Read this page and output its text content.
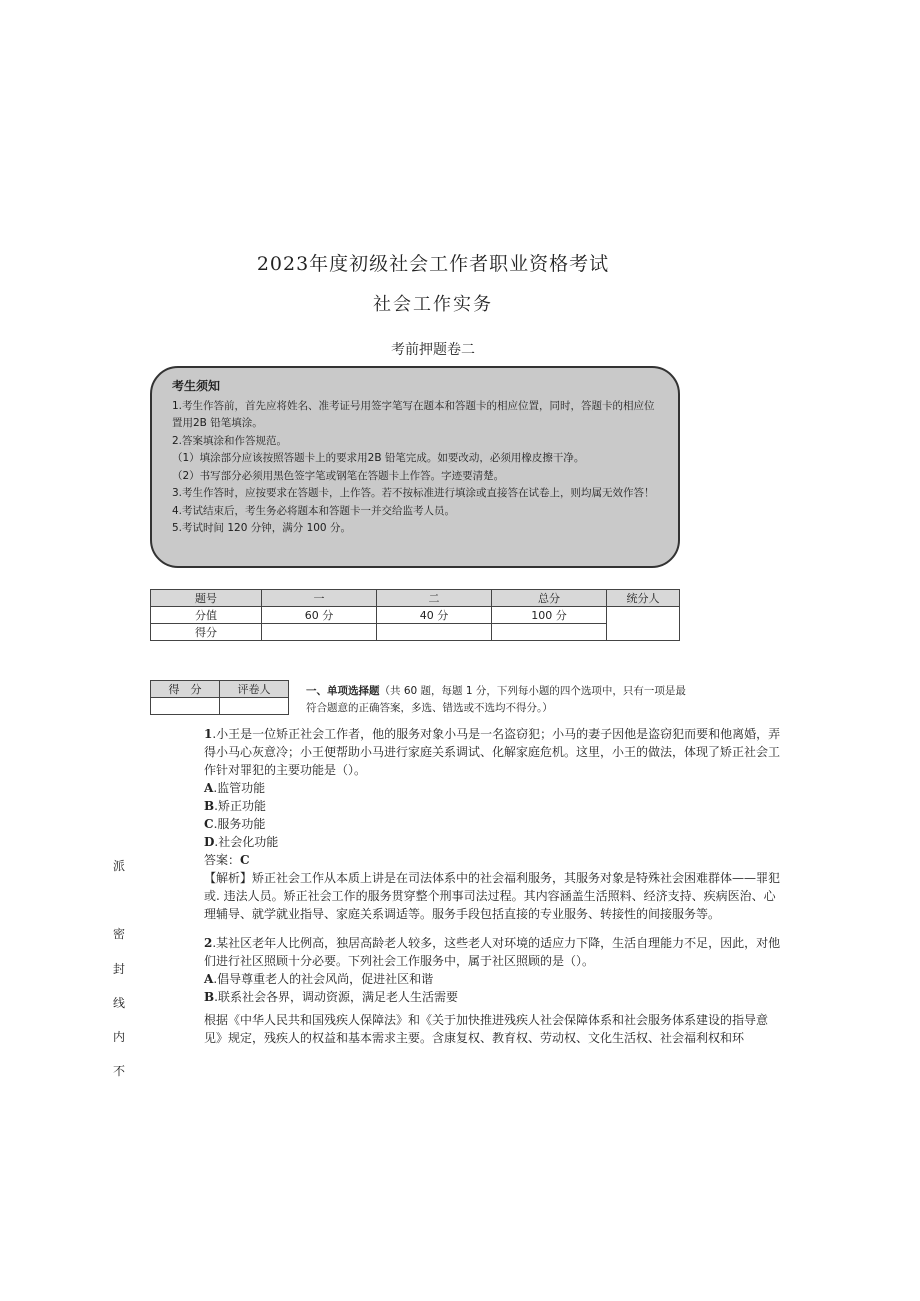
2023年度初级社会工作者职业资格考试
社会工作实务
考前押题卷二
考生须知

1.考生作答前，首先应将姓名、准考证号用签字笔写在题本和答题卡的相应位置，同时，答题卡的相应位置用2B 铅笔填涂。

2.答案填涂和作答规范。

（1）填涂部分应该按照答题卡上的要求用2B 铅笔完成。如要改动，必须用橡皮擦干净。

（2）书写部分必须用黑色签字笔或钢笔在答题卡上作答。字迹要清楚。

3.考生作答时，应按要求在答题卡，上作答。若不按标准进行填涂或直接答在试卷上，则均属无效作答！

4.考试结束后，考生务必将题本和答题卡一并交给监考人员。

5.考试时间 120 分钟，满分 100 分。

题号	一	二	总分	统分人
分值	60 分	40 分	100 分	
得分				
得　分	评卷人
		一、单项选择题（共 60 题，每题 1 分，下列每小题的四个选项中，只有一项是最符合题意的正确答案，多选、错选或不选均不得分。）

1.小王是一位矫正社会工作者，他的服务对象小马是一名盗窃犯；小马的妻子因他是盗窃犯而要和他离婚，弄得小马心灰意冷；小王便帮助小马进行家庭关系调试、化解家庭危机。这里，小王的做法，体现了矫正社会工作针对罪犯的主要功能是（）。

A.监管功能

B.矫正功能

C.服务功能

D.社会化功能

答案：C

【解析】矫正社会工作从本质上讲是在司法体系中的社会福利服务，其服务对象是特殊社会困难群体——罪犯或. 违法人员。矫正社会工作的服务贯穿整个刑事司法过程。其内容涵盖生活照料、经济支持、疾病医治、心理辅导、就学就业指导、家庭关系调适等。服务手段包括直接的专业服务、转接性的间接服务等。

2.某社区老年人比例高，独居高龄老人较多，这些老人对环境的适应力下降，生活自理能力不足，因此，对他们进行社区照顾十分必要。下列社会工作服务中，属于社区照顾的是（）。

A.倡导尊重老人的社会风尚，促进社区和谐

B.联系社会各界，调动资源，满足老人生活需要

根据《中华人民共和国残疾人保障法》和《关于加快推进残疾人社会保障体系和社会服务体系建设的指导意见》规定，残疾人的权益和基本需求主要。含康复权、教育权、劳动权、文化生活权、社会福利权和环
派
密
封
线
内
不
